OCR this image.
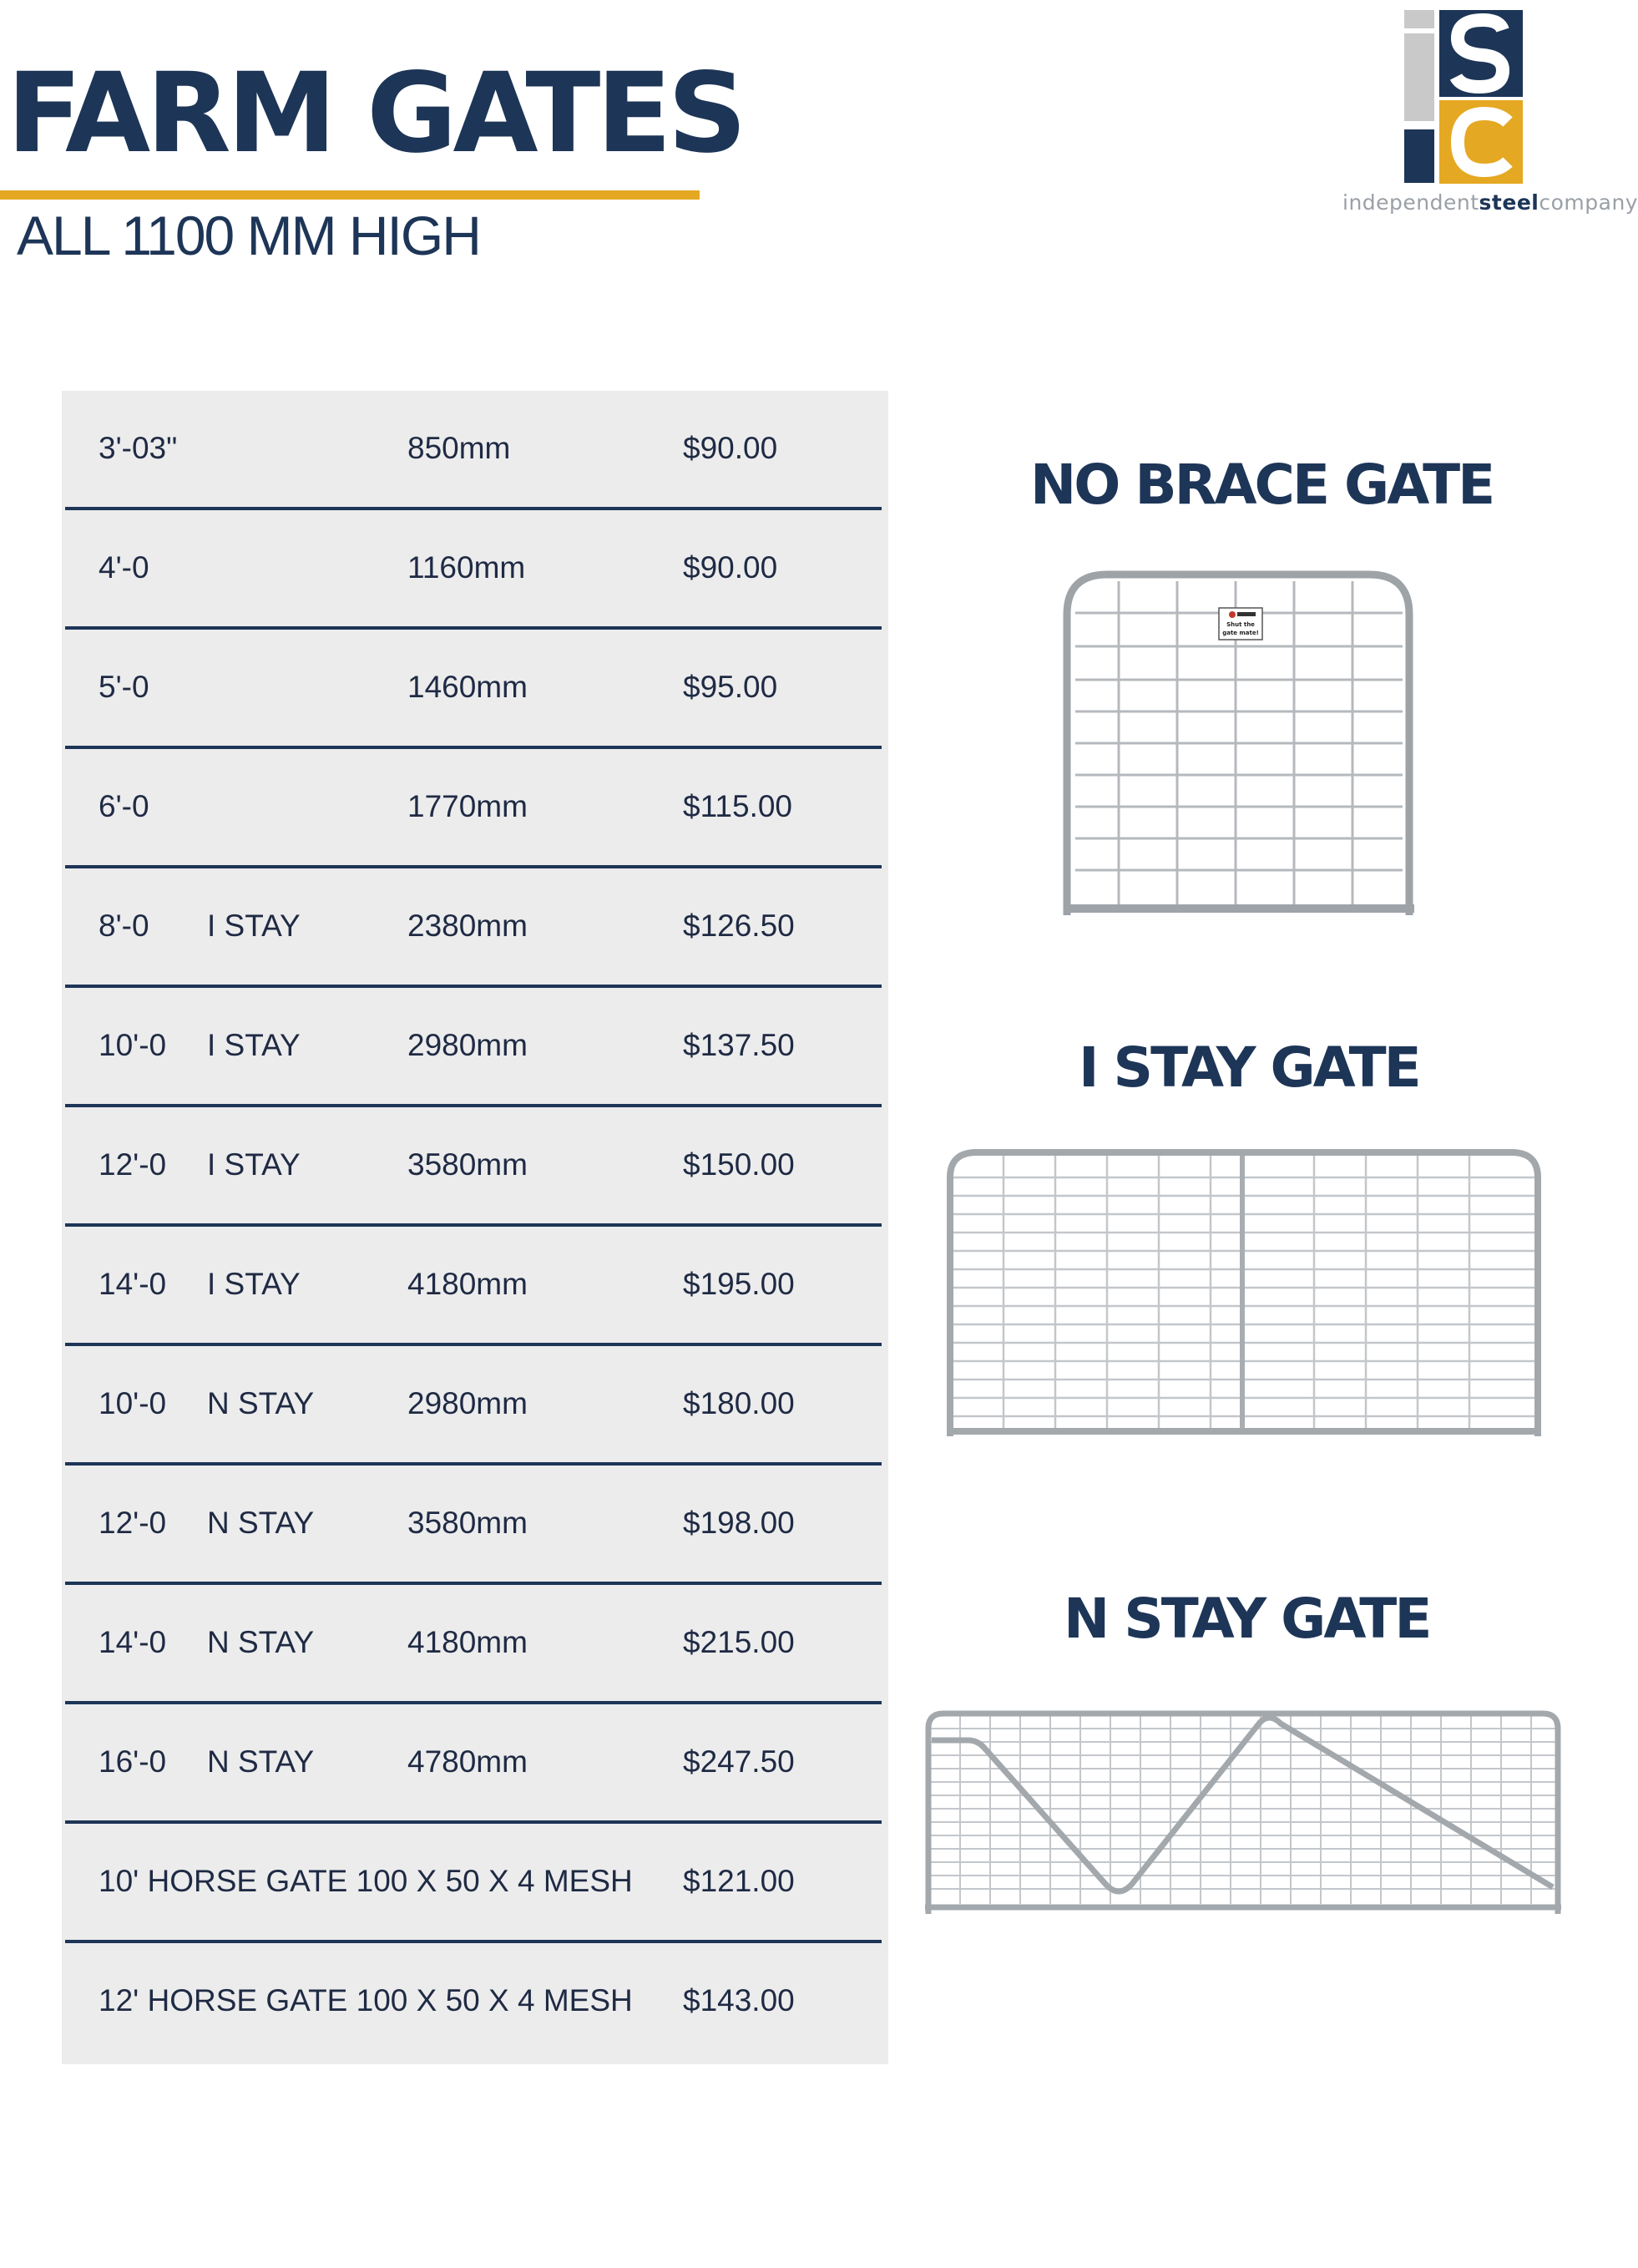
FARM GATES
ALL 1100 MM HIGH
independentsteelcompany
3'-03"	850mm	$90.00
4'-0	1160mm	$90.00
5'-0	1460mm	$95.00
6'-0	1770mm	$115.00
8'-0 I STAY	2380mm	$126.50
10'-0 I STAY	2980mm	$137.50
12'-0 I STAY	3580mm	$150.00
14'-0 I STAY	4180mm	$195.00
10'-0 N STAY	2980mm	$180.00
12'-0 N STAY	3580mm	$198.00
14'-0 N STAY	4180mm	$215.00
16'-0 N STAY	4780mm	$247.50
10' HORSE GATE 100 X 50 X 4 MESH $121.00
12' HORSE GATE 100 X 50 X 4 MESH $143.00
NO BRACE GATE
Shut the
gate mate!
I STAY GATE
N STAY GATE
